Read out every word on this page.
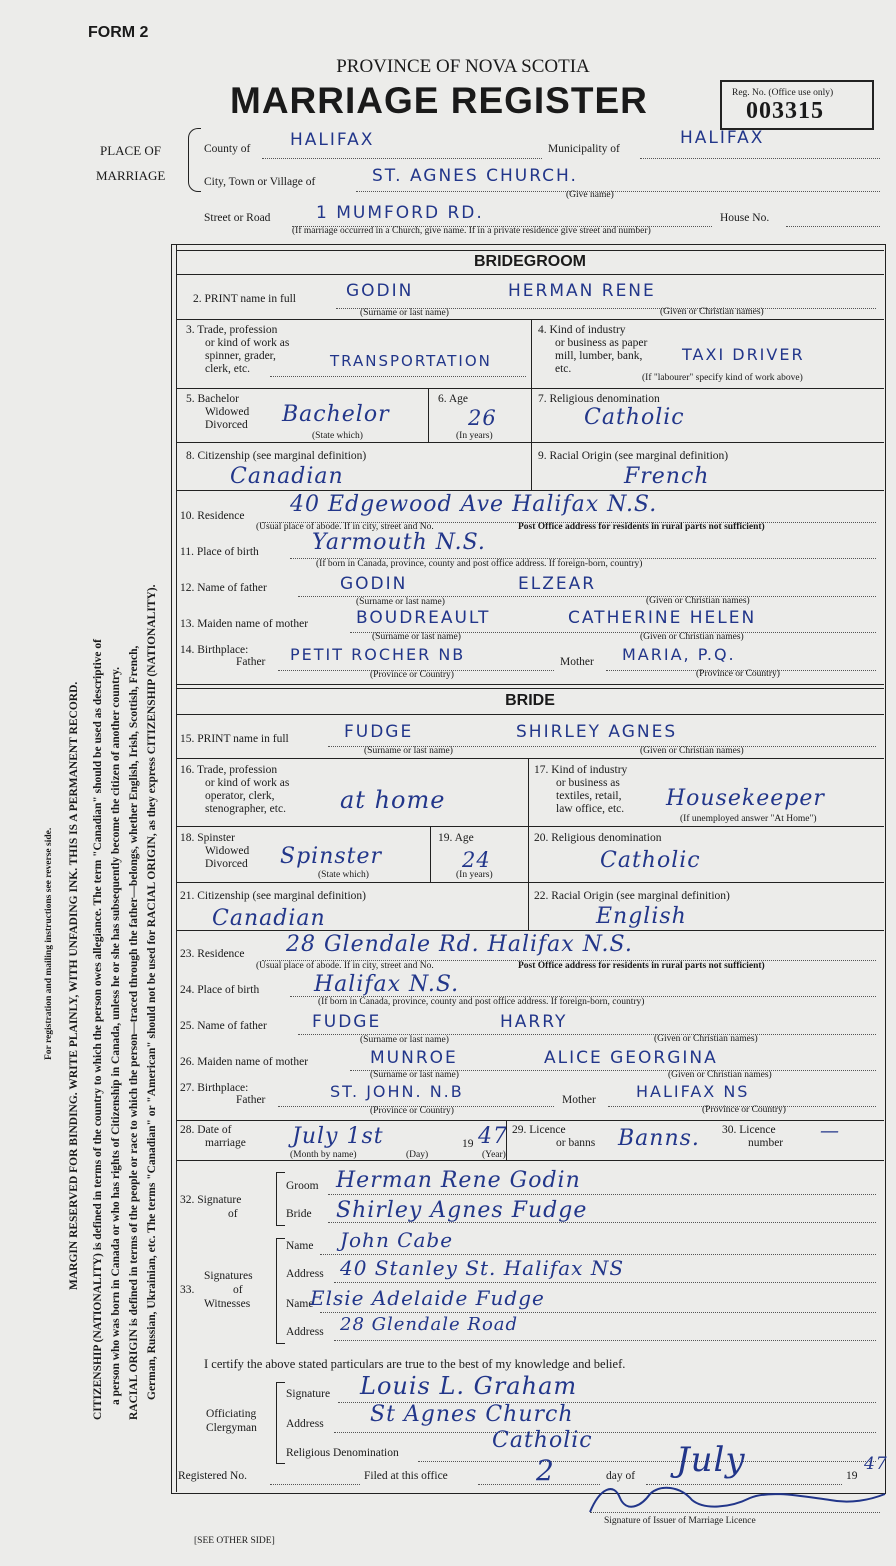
FORM 2
PROVINCE OF NOVA SCOTIA
MARRIAGE REGISTER	Reg. No. (Office use only)
003315
PLACE OF
MARRIAGE
County of HALIFAX	Municipality of
HALIFAX
City, Town or Village of	ST. AGNES CHURCH.
(Give name)
Street or Road	1 MUMFORD RD.	House No.
(If marriage occurred in a Church, give name. If in a private residence give street and number)
MARGIN RESERVED FOR BINDING. WRITE PLAINLY, WITH UNFADING INK. THIS IS A PERMANENT RECORD.
For registration and mailing instructions see reverse side.	CITIZENSHIP (NATIONALITY) is defined in terms of the country to which the person owes allegiance. The term "Canadian" should be used as descriptive of a person who was born in Canada or who has rights of Citizenship in Canada, unless he or she has subsequently become the citizen of another country. RACIAL ORIGIN is defined in terms of the people or race to which the person—traced through the father—belongs, whether English, Irish, Scottish, French, German, Russian, Ukrainian, etc. The terms "Canadian" or "American" should not be used for RACIAL ORIGIN, as they express CITIZENSHIP (NATIONALITY).
BRIDEGROOM
2. PRINT name in full	GODIN	HERMAN RENE
(Surname or last name)	(Given or Christian names)
3. Trade, profession
or kind of work as
spinner, grader,
clerk, etc.	TRANSPORTATION
4. Kind of industry
or business as paper
mill, lumber, bank,
etc.
TAXI DRIVER
(If "labourer" specify kind of work above)
5. Bachelor
Widowed
Divorced Bachelor
(State which)
6. Age
26
(In years)
7. Religious denomination
Catholic
8. Citizenship (see marginal definition)
Canadian
9. Racial Origin (see marginal definition)
French
10. Residence 40 Edgewood Ave Halifax N.S.
(Usual place of abode. If in city, street and No.	Post Office address for residents in rural parts not sufficient)
11. Place of birth Yarmouth N.S.
(If born in Canada, province, county and post office address. If foreign-born, country)
12. Name of father	GODIN	ELZEAR
(Surname or last name)	(Given or Christian names)
13. Maiden name of mother	BOUDREAULT	CATHERINE HELEN
(Surname or last name)	(Given or Christian names)
14. Birthplace:
Father PETIT ROCHER NB	Mother MARIA, P.Q.
(Province or Country)	(Province or Country)
BRIDE
15. PRINT name in full	FUDGE	SHIRLEY AGNES
(Surname or last name)	(Given or Christian names)
16. Trade, profession
or kind of work as
operator, clerk,
stenographer, etc. at home
17. Kind of industry
or business as
textiles, retail,
law office, etc. Housekeeper
(If unemployed answer "At Home")
18. Spinster
Widowed
Divorced Spinster
(State which)
19. Age
24
(In years)
20. Religious denomination
Catholic
21. Citizenship (see marginal definition)
Canadian
22. Racial Origin (see marginal definition)
English
23. Residence 28 Glendale Rd. Halifax N.S.
(Usual place of abode. If in city, street and No.	Post Office address for residents in rural parts not sufficient)
24. Place of birth Halifax N.S.
(If born in Canada, province, county and post office address. If foreign-born, country)
25. Name of father	FUDGE	HARRY
(Surname or last name)	(Given or Christian names)
26. Maiden name of mother	MUNROE	ALICE GEORGINA
(Surname or last name)	(Given or Christian names)
27. Birthplace:
Father	ST. JOHN. N.B	Mother	HALIFAX NS
(Province or Country)	(Province or Country)
28. Date of
marriage July 1st	19 47
(Month by name)	(Day)	(Year)
29. Licence
or banns Banns. 30. Licence
number
—
32. Signature
of
Groom Herman Rene Godin
Bride Shirley Agnes Fudge
Signatures
of
33.
Witnesses
Name John Cabe
Address 40 Stanley St. Halifax NS
Name
Elsie Adelaide Fudge
Address 28 Glendale Road
I certify the above stated particulars are true to the best of my knowledge and belief.
Officiating
Clergyman
Signature Louis L. Graham
Address St Agnes Church
Religious Denomination	Catholic
Registered No.	Filed at this office	2	day of July	19
47
Signature of Issuer of Marriage Licence
[SEE OTHER SIDE]
